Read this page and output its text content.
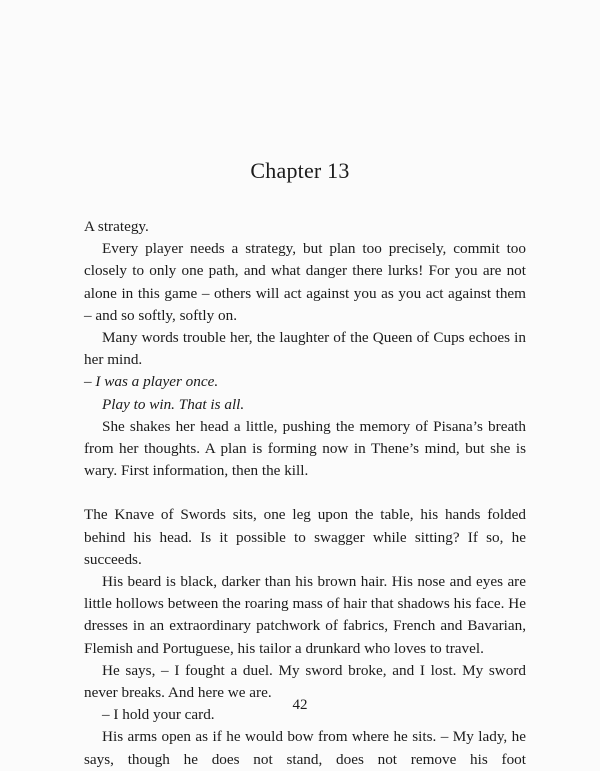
Chapter 13

A strategy.

Every player needs a strategy, but plan too precisely, commit too closely to only one path, and what danger there lurks! For you are not alone in this game – others will act against you as you act against them – and so softly, softly on.

Many words trouble her, the laughter of the Queen of Cups echoes in her mind.

– I was a player once.

Play to win. That is all.

She shakes her head a little, pushing the memory of Pisana’s breath from her thoughts. A plan is forming now in Thene’s mind, but she is wary. First information, then the kill.

The Knave of Swords sits, one leg upon the table, his hands folded behind his head. Is it possible to swagger while sitting? If so, he succeeds.

His beard is black, darker than his brown hair. His nose and eyes are little hollows between the roaring mass of hair that shadows his face. He dresses in an extraordinary patchwork of fabrics, French and Bavarian, Flemish and Portuguese, his tailor a drunkard who loves to travel.

He says, – I fought a duel. My sword broke, and I lost. My sword never breaks. And here we are.

– I hold your card.

His arms open as if he would bow from where he sits. – My lady, he says, though he does not stand, does not remove his foot

42
